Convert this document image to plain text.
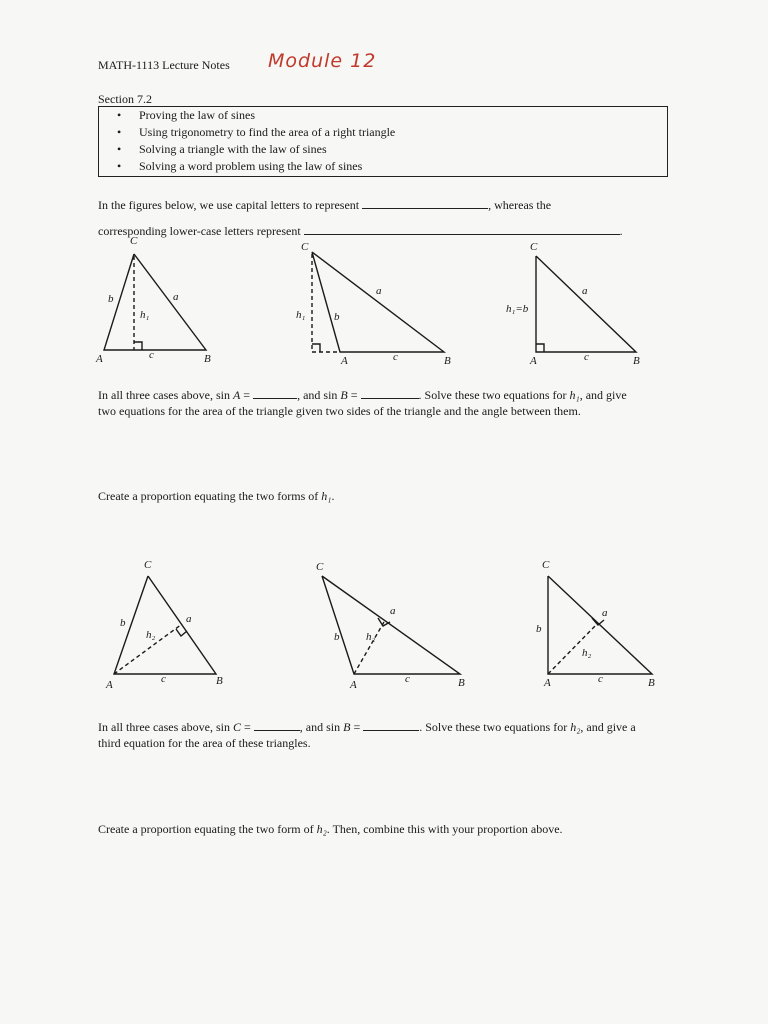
MATH-1113 Lecture Notes Module 12
Section 7.2
• Proving the law of sines
• Using trigonometry to find the area of a right triangle
• Solving a triangle with the law of sines
• Solving a word problem using the law of sines
In the figures below, we use capital letters to represent	, whereas the
corresponding lower-case letters represent	.
C
A	B
b	a
c
h₁
C
A	B
b
a
c
h₁
C
A	B
a
c
h₁=b
In all three cases above, sin A =	, and sin B =	. Solve these two equations for h₁, and give
two equations for the area of the triangle given two sides of the triangle and the angle between them.
Create a proportion equating the two forms of h₁.
C
A	B
b	a
c
h₂
C
A	B
b
a
c
h₂
C
A	B
b
a
c
h₂
In all three cases above, sin C =	, and sin B =	. Solve these two equations for h₂, and give a
third equation for the area of these triangles.
Create a proportion equating the two form of h₂. Then, combine this with your proportion above.
